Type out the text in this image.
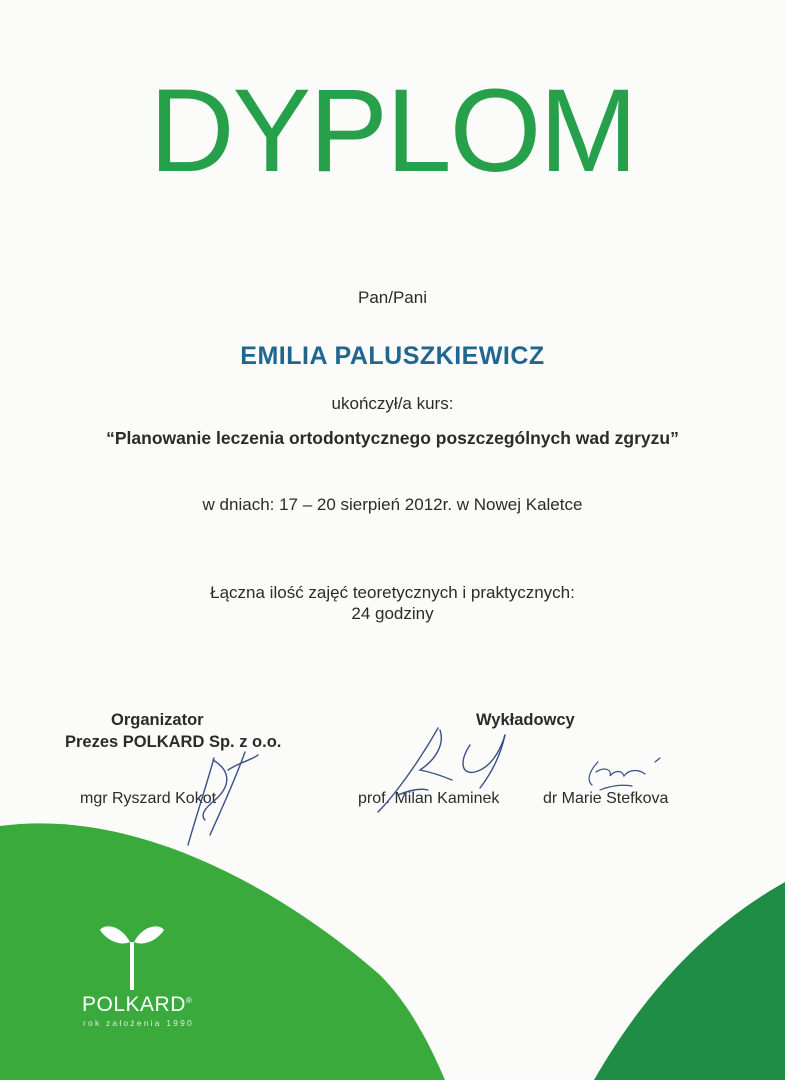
DYPLOM
Pan/Pani
EMILIA PALUSZKIEWICZ
ukończył/a kurs:
“Planowanie leczenia ortodontycznego poszczególnych wad zgryzu”
w dniach: 17 – 20 sierpień 2012r. w Nowej Kaletce
Łączna ilość zajęć teoretycznych i praktycznych:
24 godziny
Organizator
Prezes POLKARD Sp. z o.o.
Wykładowcy
mgr Ryszard Kokot	prof. Milan Kaminek	dr Marie Stefkova
POLKARD®
rok założenia 1990
